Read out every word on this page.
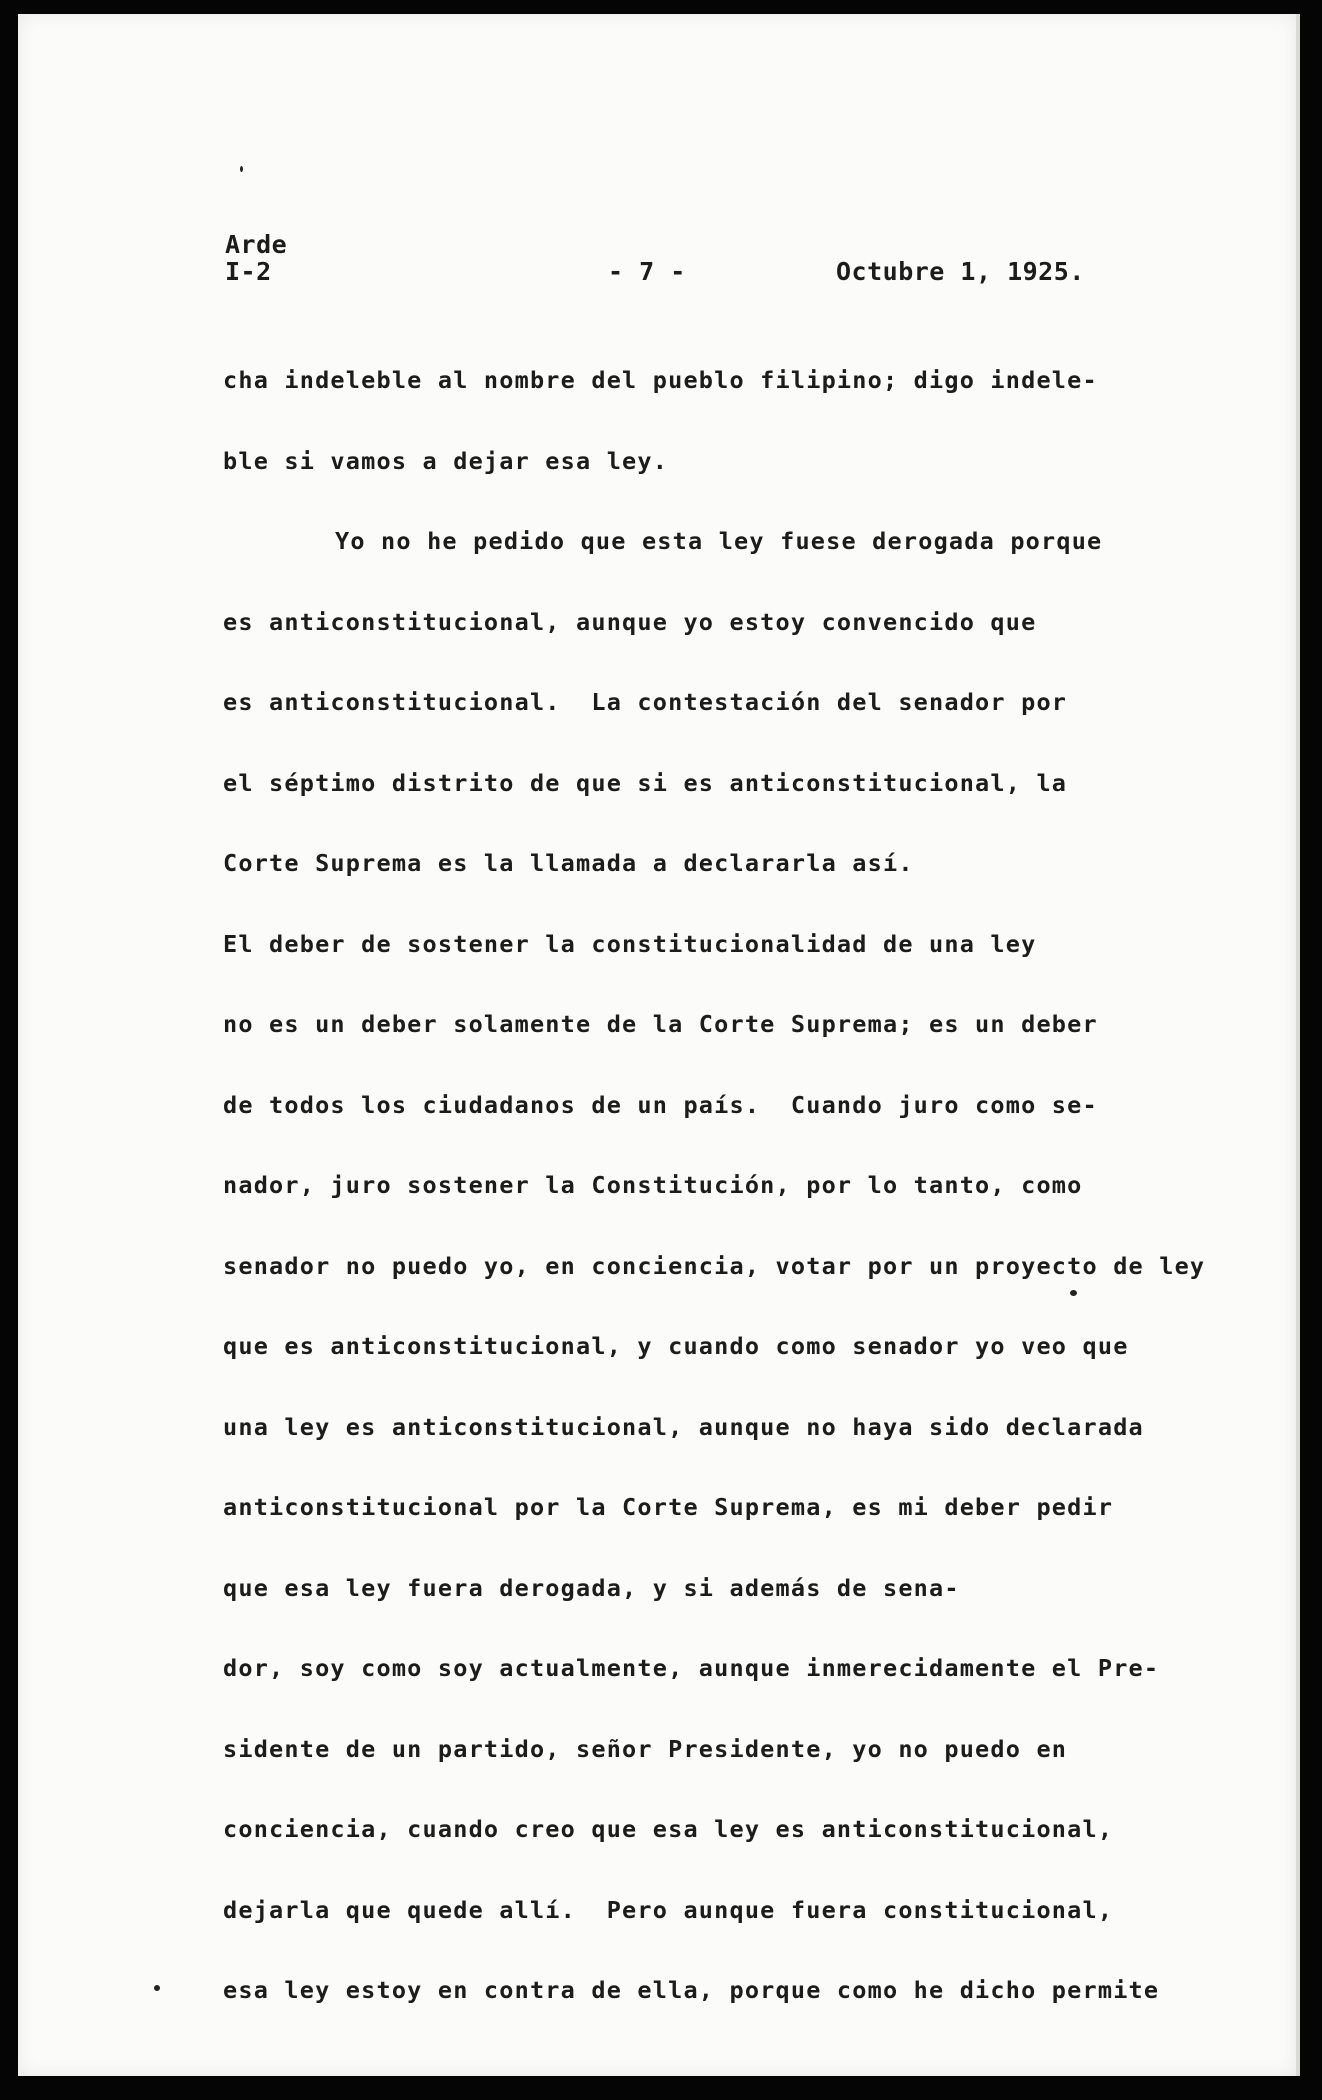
Arde
I-2	- 7 -	Octubre 1, 1925.
cha indeleble al nombre del pueblo filipino; digo indele-
ble si vamos a dejar esa ley.
Yo no he pedido que esta ley fuese derogada porque
es anticonstitucional, aunque yo estoy convencido que
es anticonstitucional.  La contestación del senador por
el séptimo distrito de que si es anticonstitucional, la
Corte Suprema es la llamada a declararla así.
El deber de sostener la constitucionalidad de una ley
no es un deber solamente de la Corte Suprema; es un deber
de todos los ciudadanos de un país.  Cuando juro como se-
nador, juro sostener la Constitución, por lo tanto, como
senador no puedo yo, en conciencia, votar por un proyecto de ley
que es anticonstitucional, y cuando como senador yo veo que
una ley es anticonstitucional, aunque no haya sido declarada
anticonstitucional por la Corte Suprema, es mi deber pedir
que esa ley fuera derogada, y si además de sena-
dor, soy como soy actualmente, aunque inmerecidamente el Pre-
sidente de un partido, señor Presidente, yo no puedo en
conciencia, cuando creo que esa ley es anticonstitucional,
dejarla que quede allí.  Pero aunque fuera constitucional,
esa ley estoy en contra de ella, porque como he dicho permite
